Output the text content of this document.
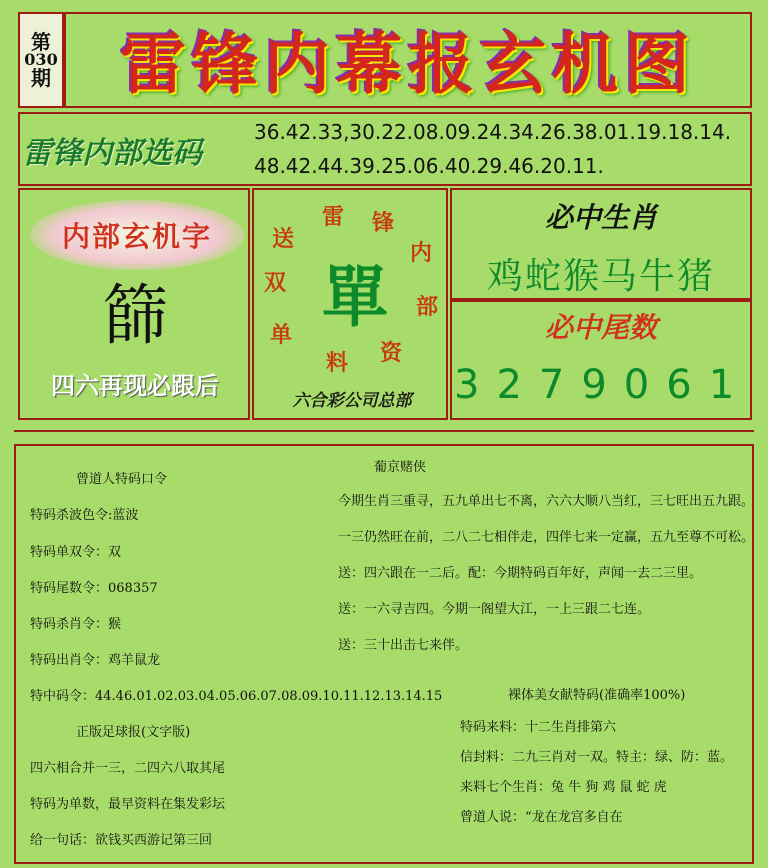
第
030
期	雷锋内幕报玄机图
雷锋内部选码
36.42.33,30.22.08.09.24.34.26.38.01.19.18.14.
48.42.44.39.25.06.40.29.46.20.11.
内部玄机字
篩
四六再现必跟后
雷 锋
内
部
资
料
单
双
送
單
六合彩公司总部
必中生肖
鸡蛇猴马牛猪
必中尾数
3279061
曾道人特码口令
特码杀波色令:蓝波
特码单双令：双
特码尾数令：068357
特码杀肖令：猴
特码出肖令：鸡羊鼠龙
特中码令：44.46.01.02.03.04.05.06.07.08.09.10.11.12.13.14.15
正版足球报(文字版)
四六相合并一三，二四六八取其尾
特码为单数，最早资料在集发彩坛
给一句话：欲钱买西游记第三回
葡京赌侠
今期生肖三重寻，五九单出七不离，六六大顺八当红，三七旺出五九跟。
一三仍然旺在前，二八二七相伴走，四伴七来一定赢，五九至尊不可松。
送：四六跟在一二后。配：今期特码百年好，声闻一去二三里。
送：一六寻吉四。今期一阁望大江，一上三跟二七连。
送：三十出击七来伴。
裸体美女献特码(准确率100%)
特码来料：十二生肖排第六
信封料：二九三肖对一双。特主：绿、防：蓝。
来料七个生肖：兔 牛 狗 鸡 鼠 蛇 虎
曾道人说：“龙在龙宫多自在
